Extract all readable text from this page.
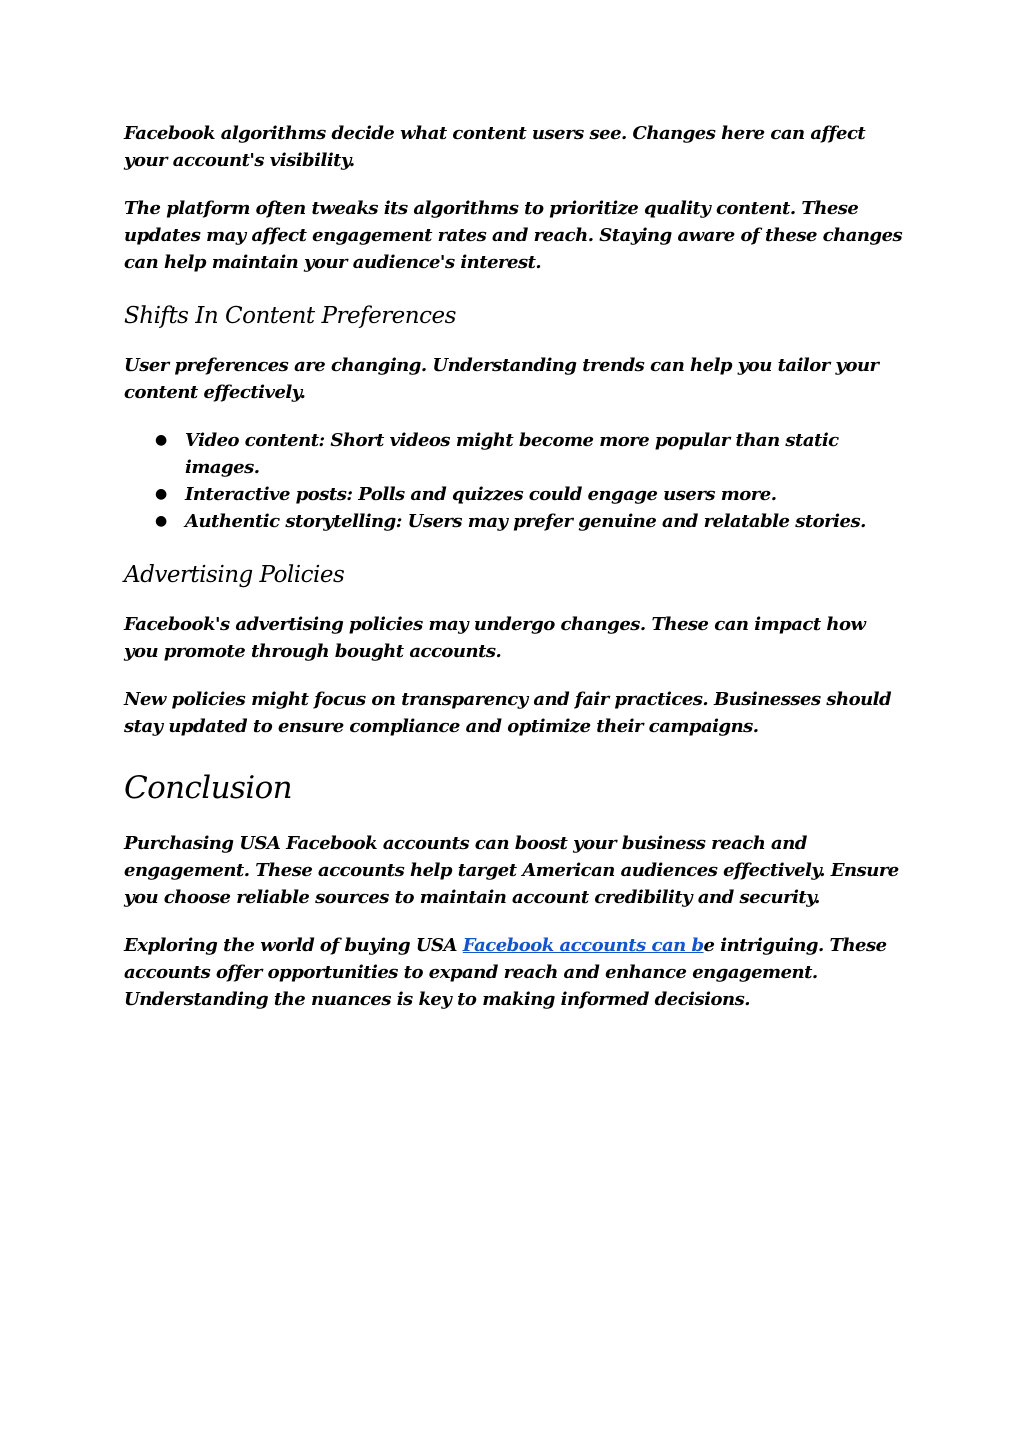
Facebook algorithms decide what content users see. Changes here can affect your account's visibility.

The platform often tweaks its algorithms to prioritize quality content. These updates may affect engagement rates and reach. Staying aware of these changes can help maintain your audience's interest.

Shifts In Content Preferences

User preferences are changing. Understanding trends can help you tailor your content effectively.

● Video content: Short videos might become more popular than static images.
● Interactive posts: Polls and quizzes could engage users more.
● Authentic storytelling: Users may prefer genuine and relatable stories.
Advertising Policies

Facebook's advertising policies may undergo changes. These can impact how you promote through bought accounts.

New policies might focus on transparency and fair practices. Businesses should stay updated to ensure compliance and optimize their campaigns.

Conclusion

Purchasing USA Facebook accounts can boost your business reach and engagement. These accounts help target American audiences effectively. Ensure you choose reliable sources to maintain account credibility and security.

Exploring the world of buying USA Facebook accounts can be intriguing. These accounts offer opportunities to expand reach and enhance engagement. Understanding the nuances is key to making informed decisions.
